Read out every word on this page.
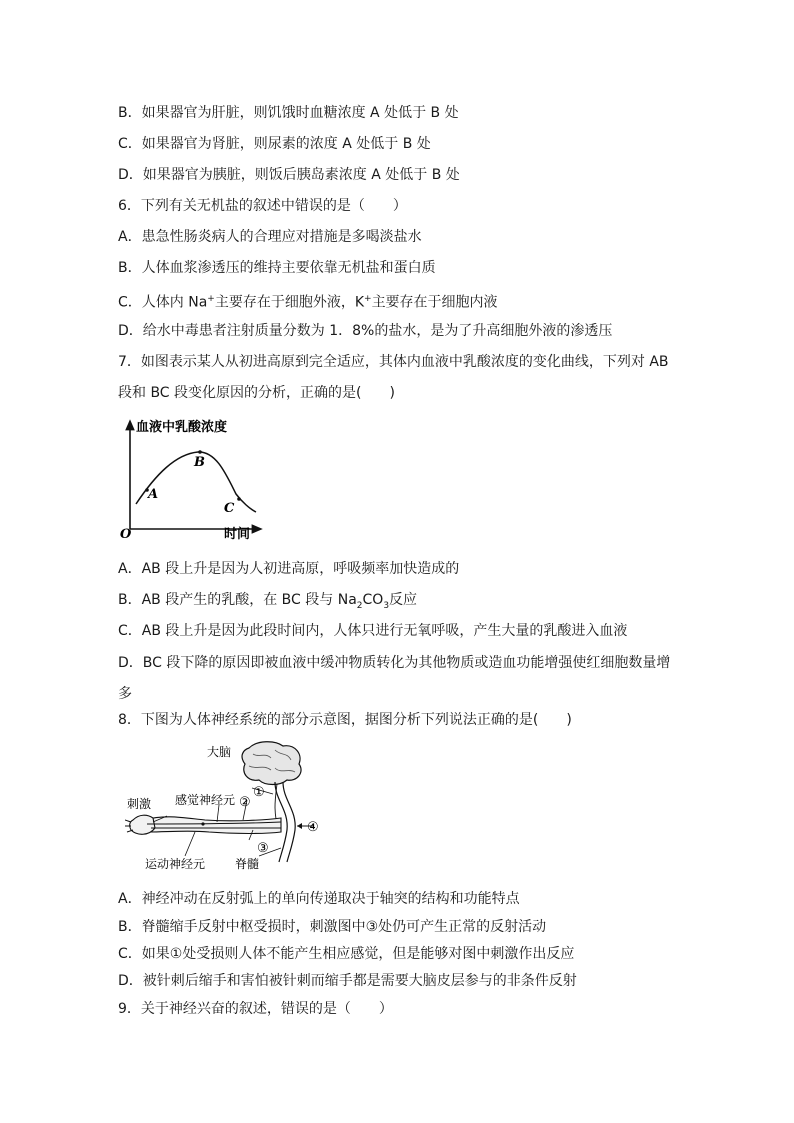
B．如果器官为肝脏，则饥饿时血糖浓度 A 处低于 B 处
C．如果器官为肾脏，则尿素的浓度 A 处低于 B 处
D．如果器官为胰脏，则饭后胰岛素浓度 A 处低于 B 处
6．下列有关无机盐的叙述中错误的是（　　）
A．患急性肠炎病人的合理应对措施是多喝淡盐水
B．人体血浆渗透压的维持主要依靠无机盐和蛋白质
C．人体内 Na+主要存在于细胞外液，K+主要存在于细胞内液
D．给水中毒患者注射质量分数为 1．8%的盐水，是为了升高细胞外液的渗透压
7．如图表示某人从初进高原到完全适应，其体内血液中乳酸浓度的变化曲线，下列对 AB
段和 BC 段变化原因的分析，正确的是(　　)
血液中乳酸浓度
时间
O
A
B
C
A．AB 段上升是因为人初进高原，呼吸频率加快造成的
B．AB 段产生的乳酸，在 BC 段与 $Na_2CO_3$反应
C．AB 段上升是因为此段时间内，人体只进行无氧呼吸，产生大量的乳酸进入血液
D．BC 段下降的原因即被血液中缓冲物质转化为其他物质或造血功能增强使红细胞数量增
多
8．下图为人体神经系统的部分示意图，据图分析下列说法正确的是(　　)
大脑
刺激 感觉神经元
运动神经元 脊髓
①
②
③
④
A．神经冲动在反射弧上的单向传递取决于轴突的结构和功能特点
B．脊髓缩手反射中枢受损时，刺激图中③处仍可产生正常的反射活动
C．如果①处受损则人体不能产生相应感觉，但是能够对图中刺激作出反应
D．被针刺后缩手和害怕被针刺而缩手都是需要大脑皮层参与的非条件反射
9．关于神经兴奋的叙述，错误的是（　　）
